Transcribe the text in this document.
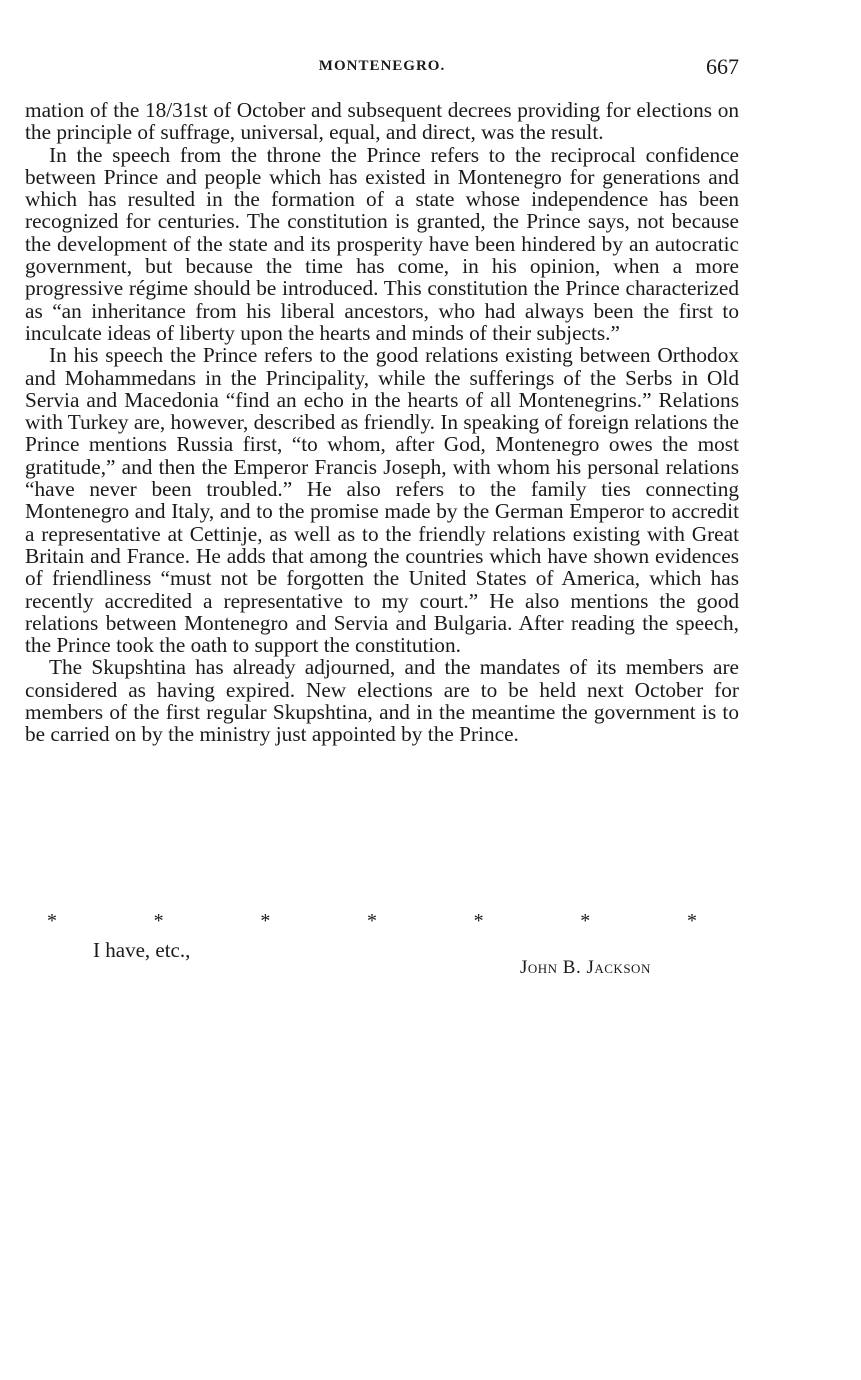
MONTENEGRO.	667

mation of the 18/31st of October and subsequent decrees providing for elections on the principle of suffrage, universal, equal, and direct, was the result.

In the speech from the throne the Prince refers to the reciprocal confidence between Prince and people which has existed in Montenegro for generations and which has resulted in the formation of a state whose independence has been recognized for centuries. The constitution is granted, the Prince says, not because the development of the state and its prosperity have been hindered by an autocratic government, but because the time has come, in his opinion, when a more progressive régime should be introduced. This constitution the Prince characterized as “an inheritance from his liberal ancestors, who had always been the first to inculcate ideas of liberty upon the hearts and minds of their subjects.”

In his speech the Prince refers to the good relations existing between Orthodox and Mohammedans in the Principality, while the sufferings of the Serbs in Old Servia and Macedonia “find an echo in the hearts of all Montenegrins.” Relations with Turkey are, however, described as friendly. In speaking of foreign relations the Prince mentions Russia first, “to whom, after God, Montenegro owes the most gratitude,” and then the Emperor Francis Joseph, with whom his personal relations “have never been troubled.” He also refers to the family ties connecting Montenegro and Italy, and to the promise made by the German Emperor to accredit a representative at Cettinje, as well as to the friendly relations existing with Great Britain and France. He adds that among the countries which have shown evidences of friendliness “must not be forgotten the United States of America, which has recently accredited a representative to my court.” He also mentions the good relations between Montenegro and Servia and Bulgaria. After reading the speech, the Prince took the oath to support the constitution.

The Skupshtina has already adjourned, and the mandates of its members are considered as having expired. New elections are to be held next October for members of the first regular Skupshtina, and in the meantime the government is to be carried on by the ministry just appointed by the Prince.

*	*	*	*	*	*	*
I have, etc.,
John B. Jackson
